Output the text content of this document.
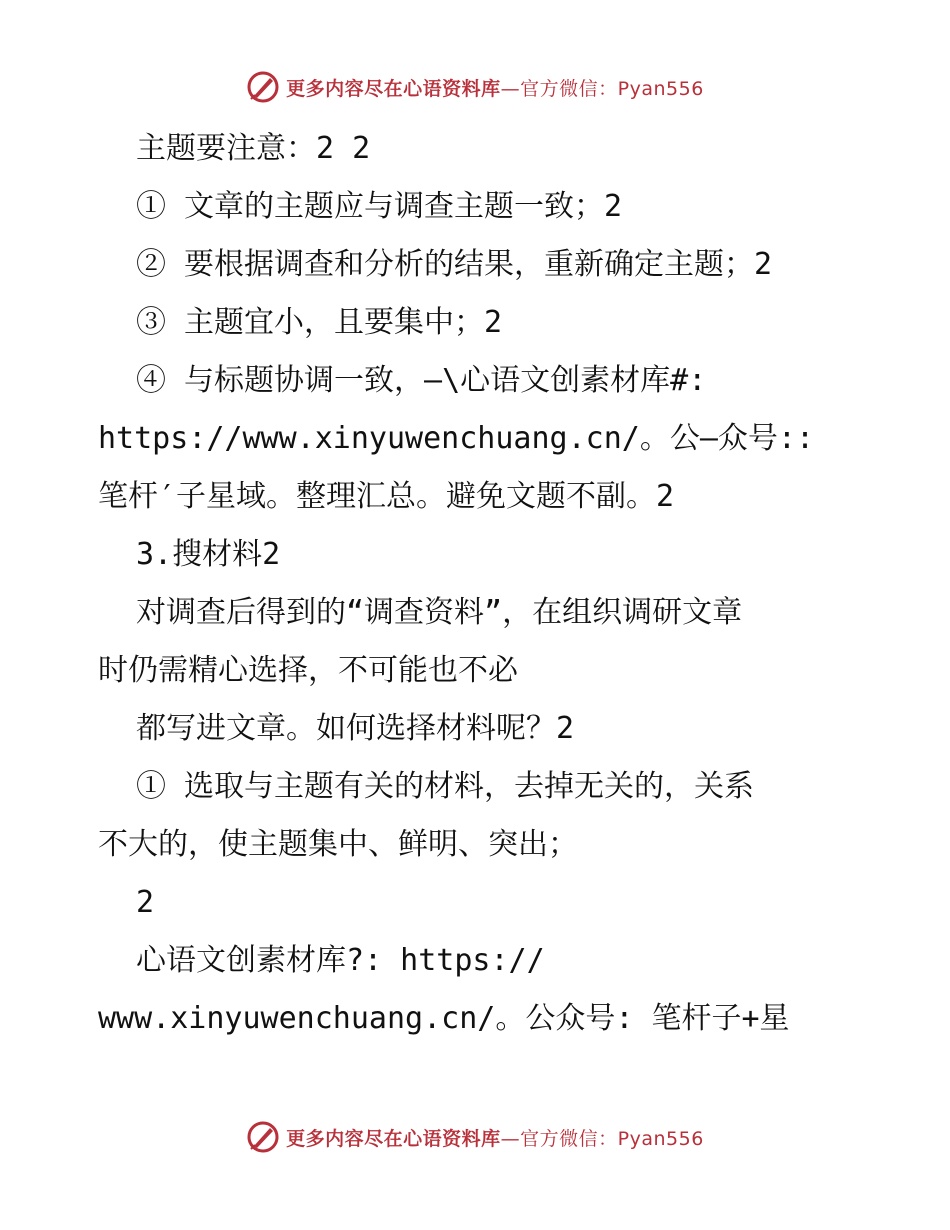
更多内容尽在心语资料库 —官方微信：Pyan556
主题要注意：2 2
① 文章的主题应与调查主题一致；2
② 要根据调查和分析的结果，重新确定主题；2
③ 主题宜小，且要集中；2
④ 与标题协调一致，—\心语文创素材库#:
https://www.xinyuwenchuang.cn/。公—众号::
笔杆′子星域。整理汇总。避免文题不副。2
3.搜材料2
对调查后得到的“调查资料”，在组织调研文章
时仍需精心选择，不可能也不必
都写进文章。如何选择材料呢？2
① 选取与主题有关的材料，去掉无关的，关系
不大的，使主题集中、鲜明、突出；
2
心语文创素材库?: https://
www.xinyuwenchuang.cn/。公众号: 笔杆子+星
更多内容尽在心语资料库 —官方微信：Pyan556
